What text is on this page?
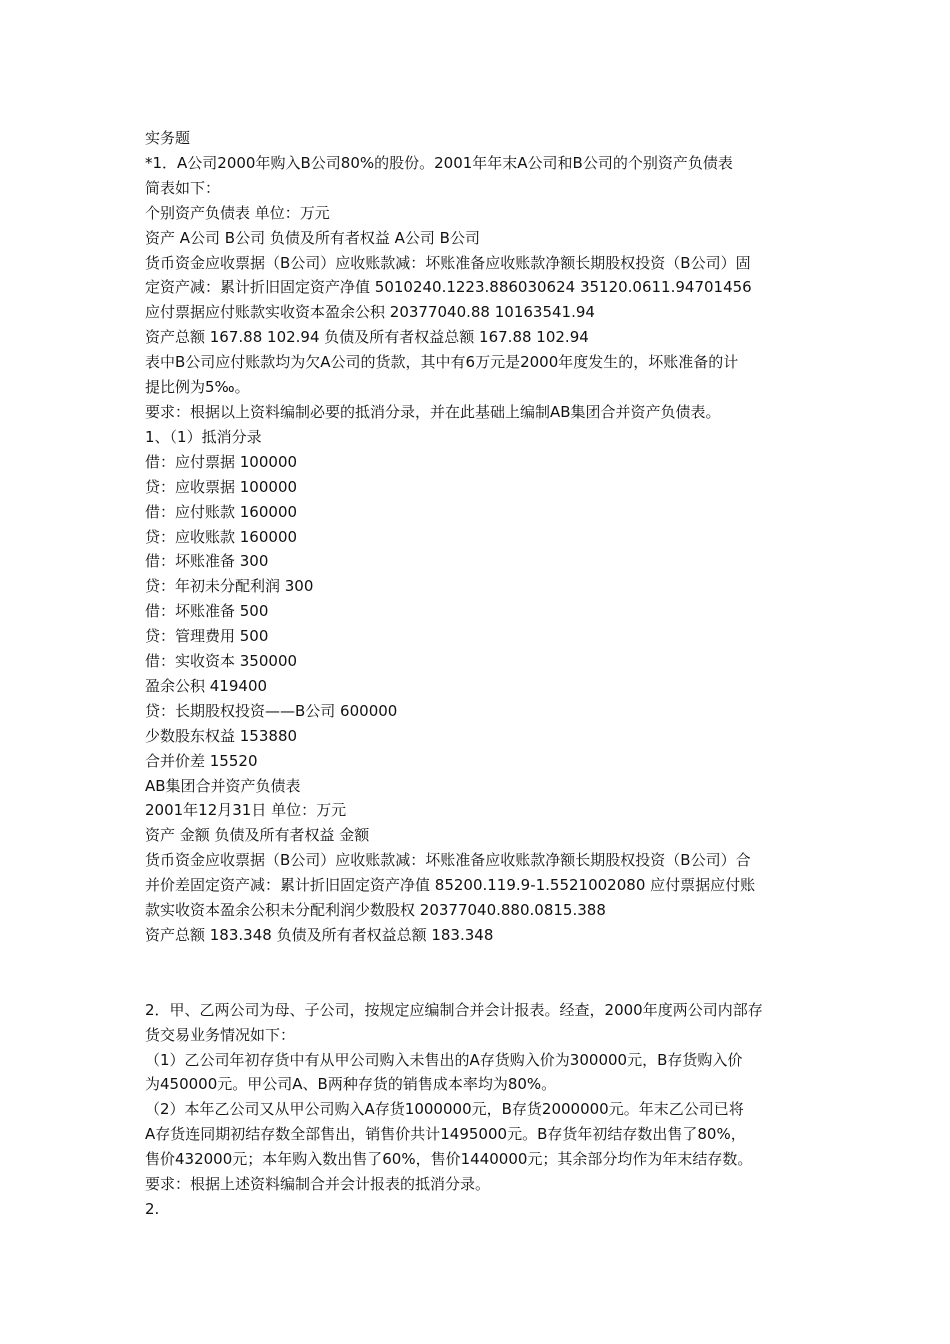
实务题
*1．A公司2000年购入B公司80%的股份。2001年年末A公司和B公司的个别资产负债表
简表如下：
个别资产负债表 单位：万元
资产 A公司 B公司 负债及所有者权益 A公司 B公司
货币资金应收票据（B公司）应收账款减：坏账准备应收账款净额长期股权投资（B公司）固
定资产减：累计折旧固定资产净值 5010240.1223.886030624 35120.0611.94701456
应付票据应付账款实收资本盈余公积 20377040.88 10163541.94
资产总额 167.88 102.94 负债及所有者权益总额 167.88 102.94
表中B公司应付账款均为欠A公司的货款，其中有6万元是2000年度发生的，坏账准备的计
提比例为5‰。
要求：根据以上资料编制必要的抵消分录，并在此基础上编制AB集团合并资产负债表。
1、（1）抵消分录
借：应付票据 100000
贷：应收票据 100000
借：应付账款 160000
贷：应收账款 160000
借：坏账准备 300
贷：年初未分配利润 300
借：坏账准备 500
贷：管理费用 500
借：实收资本 350000
盈余公积 419400
贷：长期股权投资——B公司 600000
少数股东权益 153880
合并价差 15520
AB集团合并资产负债表
2001年12月31日 单位：万元
资产 金额 负债及所有者权益 金额
货币资金应收票据（B公司）应收账款减：坏账准备应收账款净额长期股权投资（B公司）合
并价差固定资产减：累计折旧固定资产净值 85200.119.9-1.5521002080 应付票据应付账
款实收资本盈余公积未分配利润少数股权 20377040.880.0815.388
资产总额 183.348 负债及所有者权益总额 183.348
2．甲、乙两公司为母、子公司，按规定应编制合并会计报表。经查，2000年度两公司内部存
货交易业务情况如下：
（1）乙公司年初存货中有从甲公司购入未售出的A存货购入价为300000元，B存货购入价
为450000元。甲公司A、B两种存货的销售成本率均为80%。
（2）本年乙公司又从甲公司购入A存货1000000元，B存货2000000元。年末乙公司已将
A存货连同期初结存数全部售出，销售价共计1495000元。B存货年初结存数出售了80%，
售价432000元；本年购入数出售了60%，售价1440000元；其余部分均作为年末结存数。
要求：根据上述资料编制合并会计报表的抵消分录。
2.
